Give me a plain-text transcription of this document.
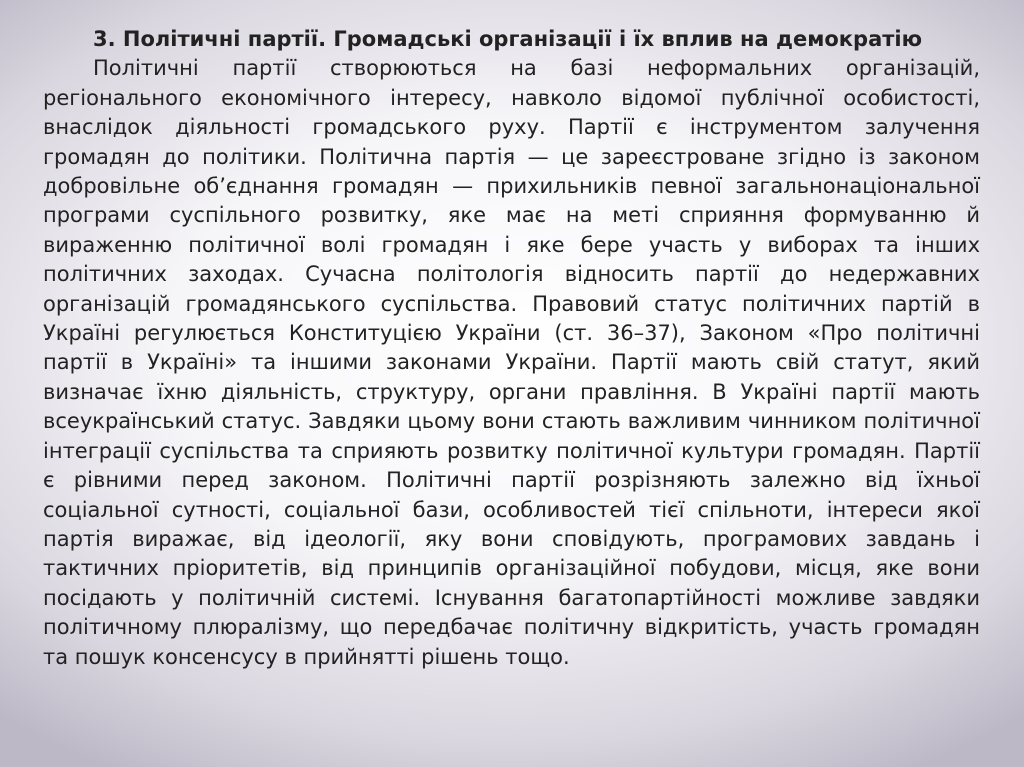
3. Політичні партії. Громадські організації і їх вплив на демократію

Політичні партії створюються на базі неформальних організацій, регіонального економічного інтересу, навколо відомої публічної особистості, внаслідок діяльності громадського руху. Партії є інструментом залучення громадян до політики. Політична партія — це зареєстроване згідно із законом добровільне об’єднання громадян — прихильників певної загальнонаціональної програми суспільного розвитку, яке має на меті сприяння формуванню й вираженню політичної волі громадян і яке бере участь у виборах та інших політичних заходах. Сучасна політологія відносить партії до недержавних організацій громадянського суспільства. Правовий статус політичних партій в Україні регулюється Конституцією України (ст. 36–37), Законом «Про політичні партії в Україні» та іншими законами України. Партії мають свій статут, який визначає їхню діяльність, структуру, органи правління. В Україні партії мають всеукраїнський статус. Завдяки цьому вони стають важливим чинником політичної інтеграції суспільства та сприяють розвитку політичної культури громадян. Партії є рівними перед законом. Політичні партії розрізняють залежно від їхньої соціальної сутності, соціальної бази, особливостей тієї спільноти, інтереси якої партія виражає, від ідеології, яку вони сповідують, програмових завдань і тактичних пріоритетів, від принципів організаційної побудови, місця, яке вони посідають у політичній системі. Існування багатопартійності можливе завдяки політичному плюралізму, що передбачає політичну відкритість, участь громадян та пошук консенсусу в прийнятті рішень тощо.
